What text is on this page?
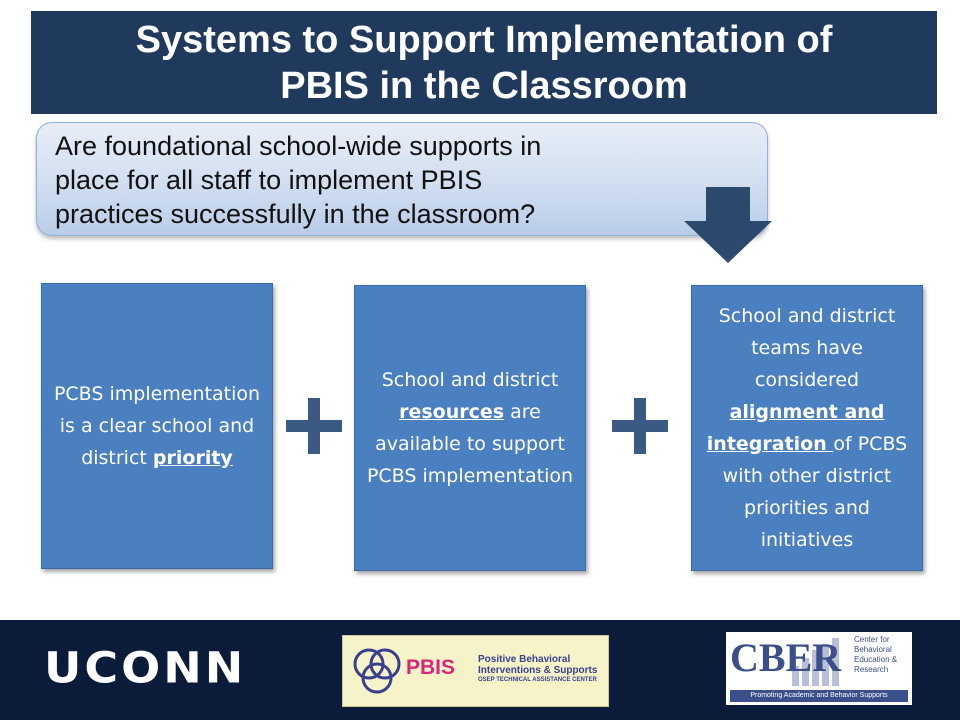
Systems to Support Implementation of
PBIS in the Classroom

Are foundational school-wide supports in

place for all staff to implement PBIS

practices successfully in the classroom?

PCBS implementation is a clear school and district priority
School and district resources are available to support PCBS implementation
School and district teams have considered alignment and integration of PCBS with other district priorities and initiatives
UCONN	PBIS Positive Behavioral
Interventions & Supports
OSEP TECHNICAL ASSISTANCE CENTER	CBER Center for
Behavioral
Education &
Research
Promoting Academic and Behavior Supports
